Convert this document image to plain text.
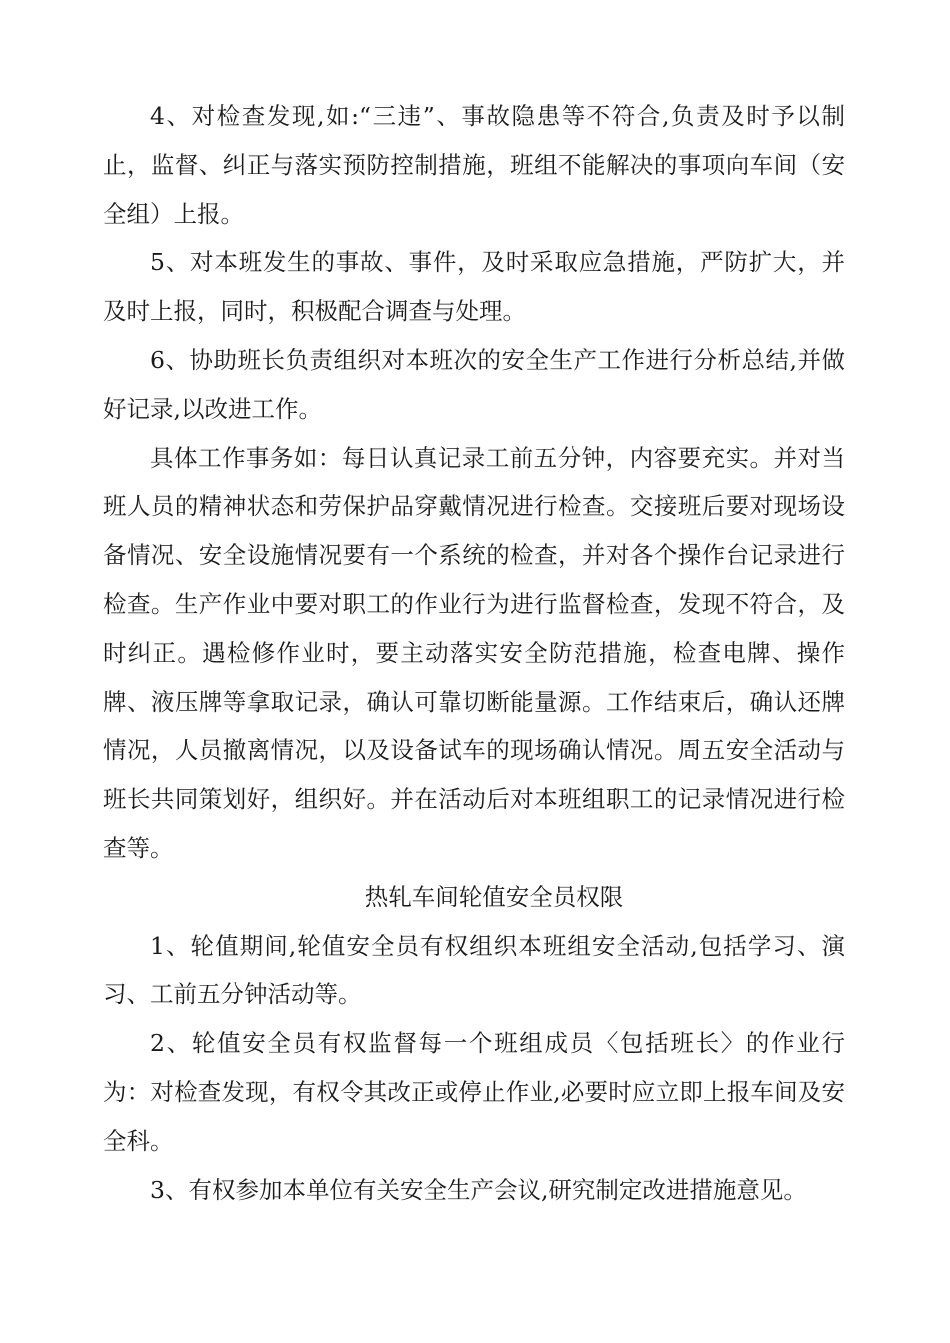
4、对检查发现,如:“三违”、事故隐患等不符合,负责及时予以制止，监督、纠正与落实预防控制措施，班组不能解决的事项向车间（安全组）上报。

5、对本班发生的事故、事件，及时采取应急措施，严防扩大，并及时上报，同时，积极配合调查与处理。

6、协助班长负责组织对本班次的安全生产工作进行分析总结,并做好记录,以改进工作。

具体工作事务如：每日认真记录工前五分钟，内容要充实。并对当班人员的精神状态和劳保护品穿戴情况进行检查。交接班后要对现场设备情况、安全设施情况要有一个系统的检查，并对各个操作台记录进行检查。生产作业中要对职工的作业行为进行监督检查，发现不符合，及时纠正。遇检修作业时，要主动落实安全防范措施，检查电牌、操作牌、液压牌等拿取记录，确认可靠切断能量源。工作结束后，确认还牌情况，人员撤离情况，以及设备试车的现场确认情况。周五安全活动与班长共同策划好，组织好。并在活动后对本班组职工的记录情况进行检查等。

热轧车间轮值安全员权限

1、轮值期间,轮值安全员有权组织本班组安全活动,包括学习、演习、工前五分钟活动等。

2、轮值安全员有权监督每一个班组成员〈包括班长〉的作业行为：对检查发现，有权令其改正或停止作业,必要时应立即上报车间及安全科。

3、有权参加本单位有关安全生产会议,研究制定改进措施意见。
